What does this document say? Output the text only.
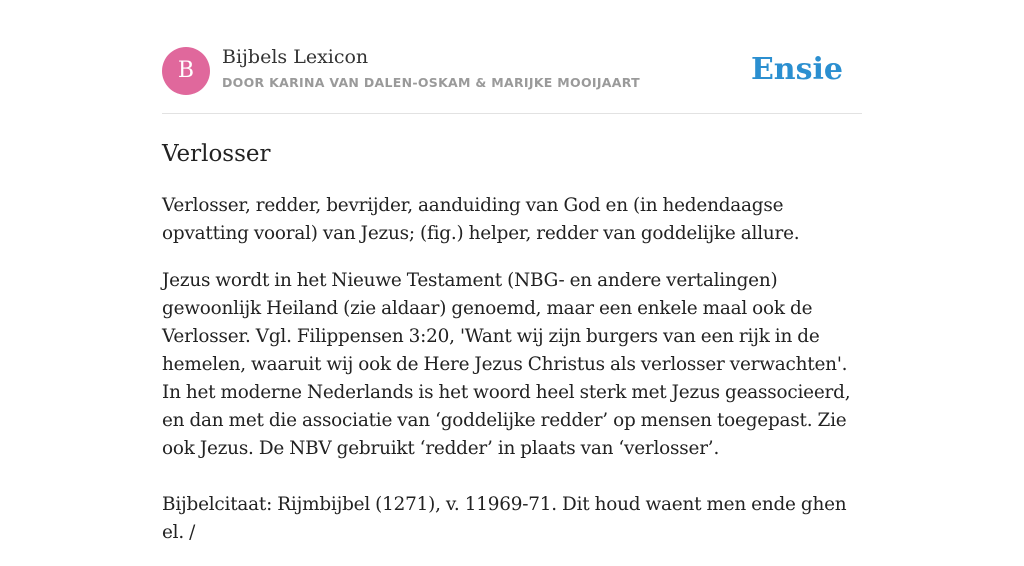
B
Bijbels Lexicon
DOOR KARINA VAN DALEN-OSKAM & MARIJKE MOOIJAART	Ensie
Verlosser

Verlosser, redder, bevrijder, aanduiding van God en (in hedendaagse opvatting vooral) van Jezus; (fig.) helper, redder van goddelijke allure.

Jezus wordt in het Nieuwe Testament (NBG- en andere vertalingen) gewoonlijk Heiland (zie aldaar) genoemd, maar een enkele maal ook de Verlosser. Vgl. Filippensen 3:20, 'Want wij zijn burgers van een rijk in de hemelen, waaruit wij ook de Here Jezus Christus als verlosser verwachten'. In het moderne Nederlands is het woord heel sterk met Jezus geassocieerd, en dan met die associatie van ‘goddelijke redder’ op mensen toegepast. Zie ook Jezus. De NBV gebruikt ‘redder’ in plaats van ‘verlosser’.

Bijbelcitaat: Rijmbijbel (1271), v. 11969-71. Dit houd waent men ende ghen el. /
